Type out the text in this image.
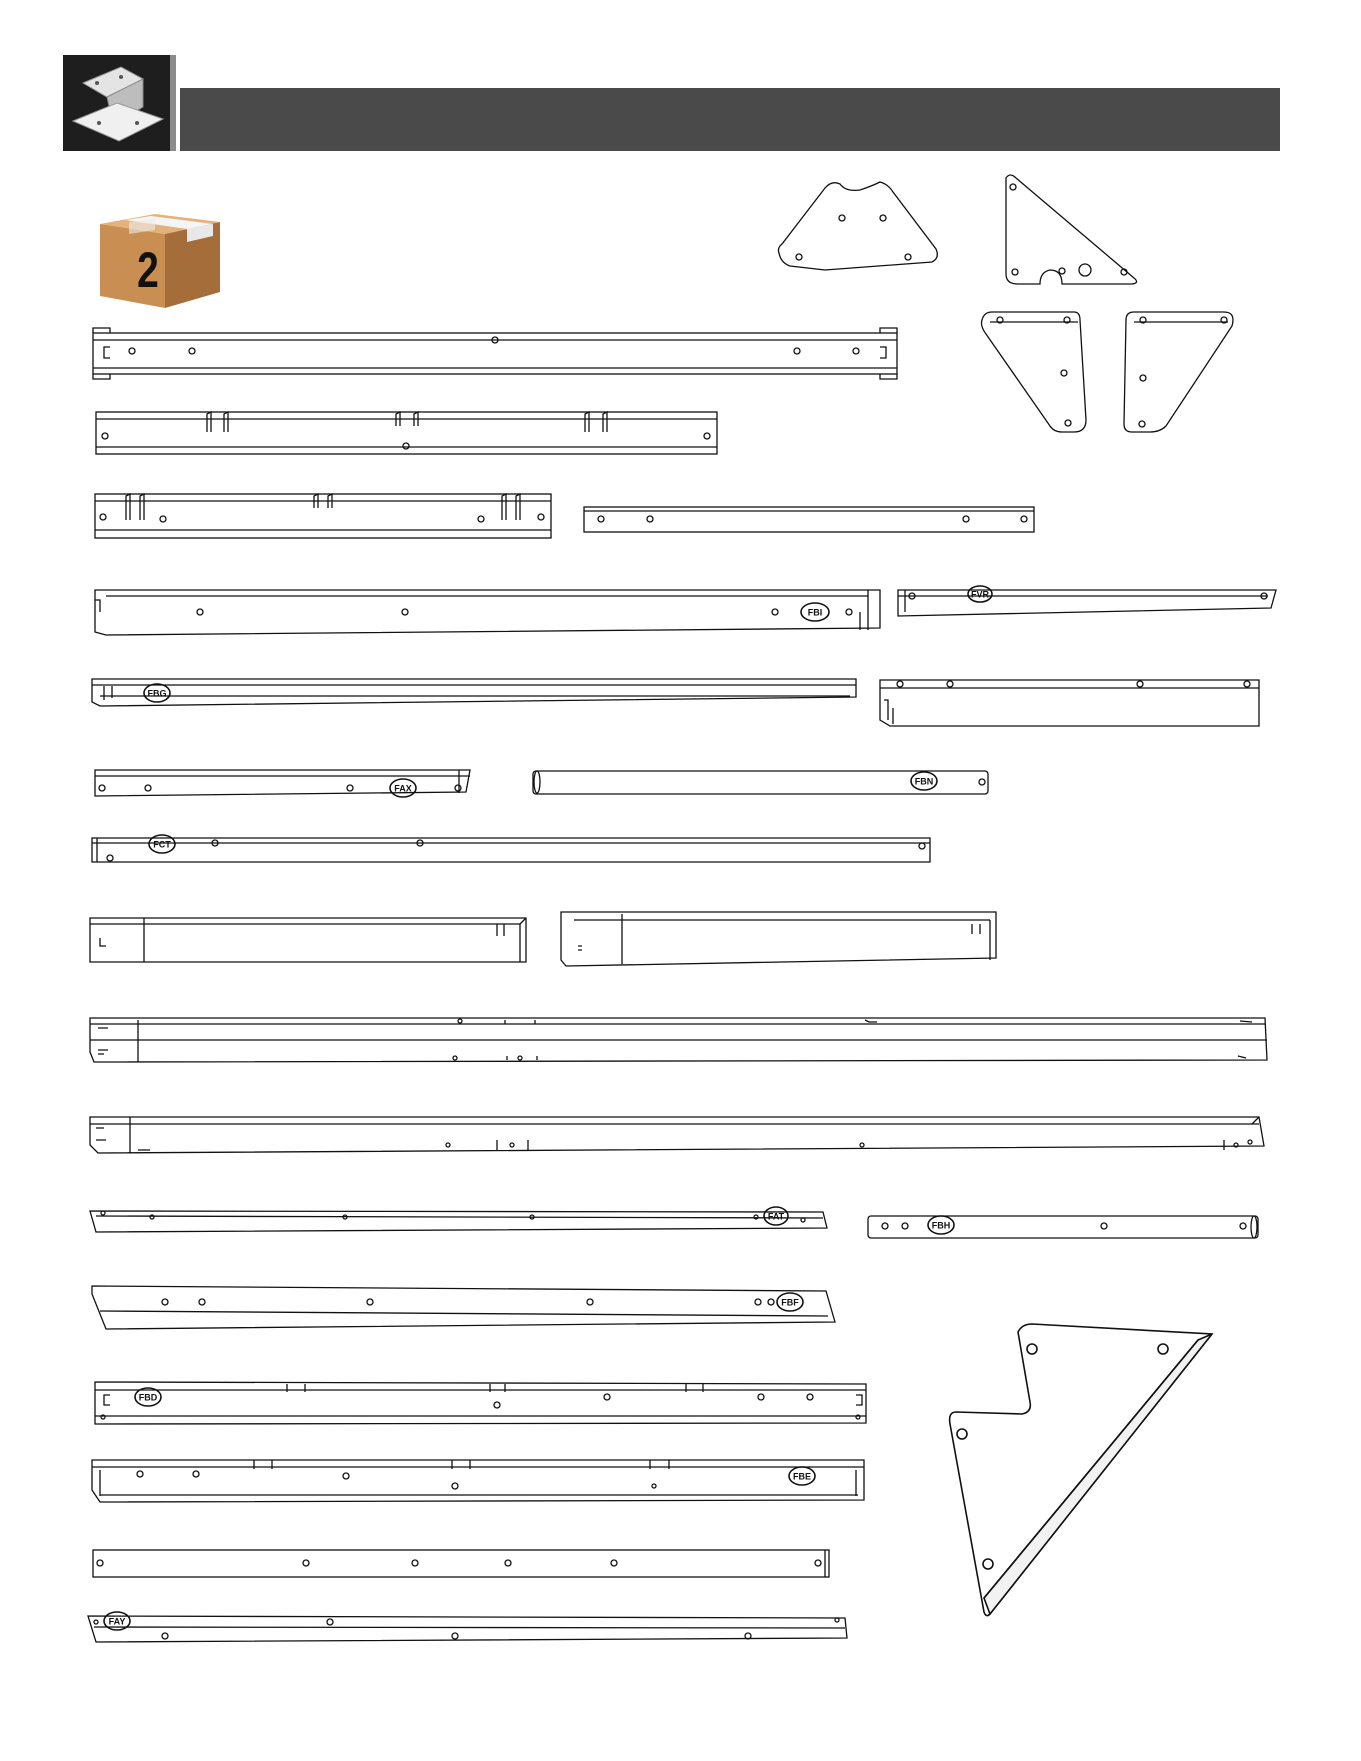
2
FBI
FVR
FBG
FAX
FBN
FCT
FAT
FBH
FBF
FBD
FBE
FAY
